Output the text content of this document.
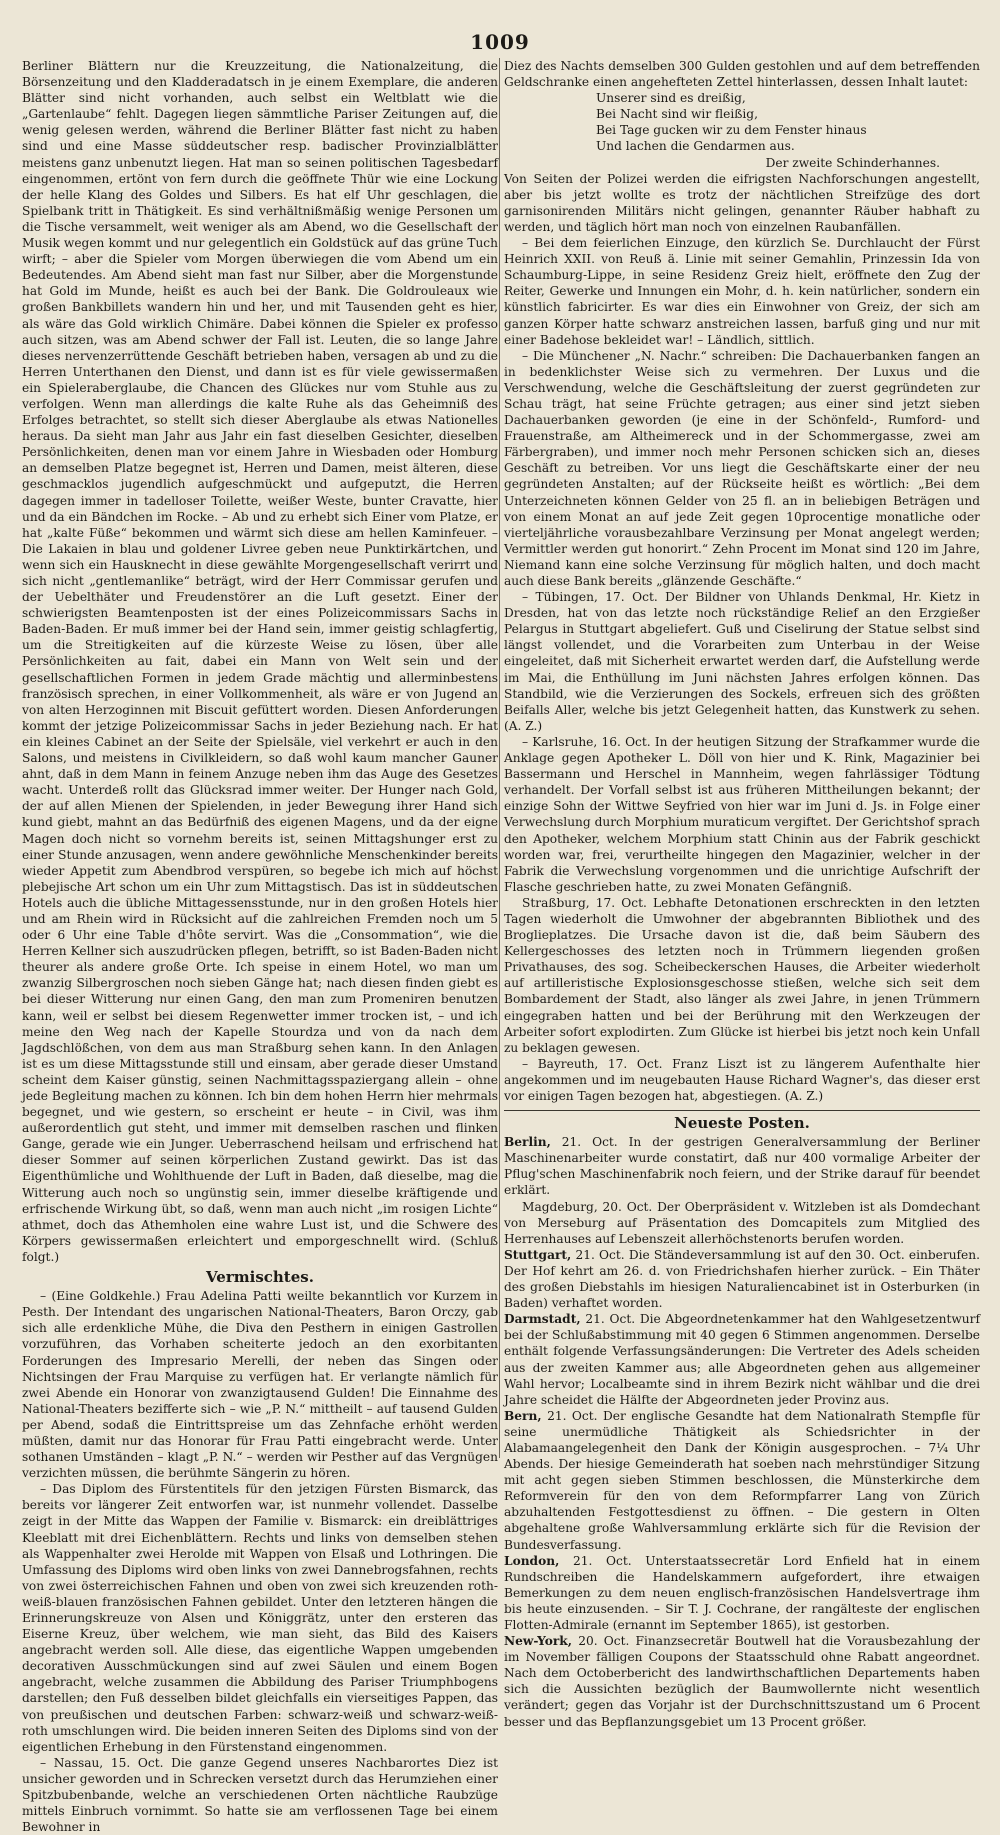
1009

Berliner Blättern nur die Kreuzzeitung, die Nationalzeitung, die Börsenzeitung und den Kladderadatsch in je einem Exemplare, die anderen Blätter sind nicht vorhanden, auch selbst ein Weltblatt wie die „Gartenlaube“ fehlt. Dagegen liegen sämmtliche Pariser Zeitungen auf, die wenig gelesen werden, während die Berliner Blätter fast nicht zu haben sind und eine Masse süddeutscher resp. badischer Provinzialblätter meistens ganz unbenutzt liegen. Hat man so seinen politischen Tagesbedarf eingenommen, ertönt von fern durch die geöffnete Thür wie eine Lockung der helle Klang des Goldes und Silbers. Es hat elf Uhr geschlagen, die Spielbank tritt in Thätigkeit. Es sind verhältnißmäßig wenige Personen um die Tische versammelt, weit weniger als am Abend, wo die Gesellschaft der Musik wegen kommt und nur gelegentlich ein Goldstück auf das grüne Tuch wirft; – aber die Spieler vom Morgen überwiegen die vom Abend um ein Bedeutendes. Am Abend sieht man fast nur Silber, aber die Morgenstunde hat Gold im Munde, heißt es auch bei der Bank. Die Goldrouleaux wie großen Bankbillets wandern hin und her, und mit Tausenden geht es hier, als wäre das Gold wirklich Chimäre. Dabei können die Spieler ex professo auch sitzen, was am Abend schwer der Fall ist. Leuten, die so lange Jahre dieses nervenzerrüttende Geschäft betrieben haben, versagen ab und zu die Herren Unterthanen den Dienst, und dann ist es für viele gewissermaßen ein Spieleraberglaube, die Chancen des Glückes nur vom Stuhle aus zu verfolgen. Wenn man allerdings die kalte Ruhe als das Geheimniß des Erfolges betrachtet, so stellt sich dieser Aberglaube als etwas Nationelles heraus. Da sieht man Jahr aus Jahr ein fast dieselben Gesichter, dieselben Persönlichkeiten, denen man vor einem Jahre in Wiesbaden oder Homburg an demselben Platze begegnet ist, Herren und Damen, meist älteren, diese geschmacklos jugendlich aufgeschmückt und aufgeputzt, die Herren dagegen immer in tadelloser Toilette, weißer Weste, bunter Cravatte, hier und da ein Bändchen im Rocke. – Ab und zu erhebt sich Einer vom Platze, er hat „kalte Füße“ bekommen und wärmt sich diese am hellen Kaminfeuer. – Die Lakaien in blau und goldener Livree geben neue Punktirkärtchen, und wenn sich ein Hausknecht in diese gewählte Morgengesellschaft verirrt und sich nicht „gentlemanlike“ beträgt, wird der Herr Commissar gerufen und der Uebelthäter und Freudenstörer an die Luft gesetzt. Einer der schwierigsten Beamtenposten ist der eines Polizeicommissars Sachs in Baden-Baden. Er muß immer bei der Hand sein, immer geistig schlagfertig, um die Streitigkeiten auf die kürzeste Weise zu lösen, über alle Persönlichkeiten au fait, dabei ein Mann von Welt sein und der gesellschaftlichen Formen in jedem Grade mächtig und allerminbestens französisch sprechen, in einer Vollkommenheit, als wäre er von Jugend an von alten Herzoginnen mit Biscuit gefüttert worden. Diesen Anforderungen kommt der jetzige Polizeicommissar Sachs in jeder Beziehung nach. Er hat ein kleines Cabinet an der Seite der Spielsäle, viel verkehrt er auch in den Salons, und meistens in Civilkleidern, so daß wohl kaum mancher Gauner ahnt, daß in dem Mann in feinem Anzuge neben ihm das Auge des Gesetzes wacht. Unterdeß rollt das Glücksrad immer weiter. Der Hunger nach Gold, der auf allen Mienen der Spielenden, in jeder Bewegung ihrer Hand sich kund giebt, mahnt an das Bedürfniß des eigenen Magens, und da der eigne Magen doch nicht so vornehm bereits ist, seinen Mittagshunger erst zu einer Stunde anzusagen, wenn andere gewöhnliche Menschenkinder bereits wieder Appetit zum Abendbrod verspüren, so begebe ich mich auf höchst plebejische Art schon um ein Uhr zum Mittagstisch. Das ist in süddeutschen Hotels auch die übliche Mittagessensstunde, nur in den großen Hotels hier und am Rhein wird in Rücksicht auf die zahlreichen Fremden noch um 5 oder 6 Uhr eine Table d'hôte servirt. Was die „Consommation“, wie die Herren Kellner sich auszudrücken pflegen, betrifft, so ist Baden-Baden nicht theurer als andere große Orte. Ich speise in einem Hotel, wo man um zwanzig Silbergroschen noch sieben Gänge hat; nach diesen finden giebt es bei dieser Witterung nur einen Gang, den man zum Promeniren benutzen kann, weil er selbst bei diesem Regenwetter immer trocken ist, – und ich meine den Weg nach der Kapelle Stourdza und von da nach dem Jagdschlößchen, von dem aus man Straßburg sehen kann. In den Anlagen ist es um diese Mittagsstunde still und einsam, aber gerade dieser Umstand scheint dem Kaiser günstig, seinen Nachmittagsspaziergang allein – ohne jede Begleitung machen zu können. Ich bin dem hohen Herrn hier mehrmals begegnet, und wie gestern, so erscheint er heute – in Civil, was ihm außerordentlich gut steht, und immer mit demselben raschen und flinken Gange, gerade wie ein Junger. Ueberraschend heilsam und erfrischend hat dieser Sommer auf seinen körperlichen Zustand gewirkt. Das ist das Eigenthümliche und Wohlthuende der Luft in Baden, daß dieselbe, mag die Witterung auch noch so ungünstig sein, immer dieselbe kräftigende und erfrischende Wirkung übt, so daß, wenn man auch nicht „im rosigen Lichte“ athmet, doch das Athemholen eine wahre Lust ist, und die Schwere des Körpers gewissermaßen erleichtert und emporgeschnellt wird. (Schluß folgt.)

Vermischtes.

– (Eine Goldkehle.) Frau Adelina Patti weilte bekanntlich vor Kurzem in Pesth. Der Intendant des ungarischen National-Theaters, Baron Orczy, gab sich alle erdenkliche Mühe, die Diva den Pesthern in einigen Gastrollen vorzuführen, das Vorhaben scheiterte jedoch an den exorbitanten Forderungen des Impresario Merelli, der neben das Singen oder Nichtsingen der Frau Marquise zu verfügen hat. Er verlangte nämlich für zwei Abende ein Honorar von zwanzigtausend Gulden! Die Einnahme des National-Theaters bezifferte sich – wie „P. N.“ mittheilt – auf tausend Gulden per Abend, sodaß die Eintrittspreise um das Zehnfache erhöht werden müßten, damit nur das Honorar für Frau Patti eingebracht werde. Unter sothanen Umständen – klagt „P. N.“ – werden wir Pesther auf das Vergnügen verzichten müssen, die berühmte Sängerin zu hören.

– Das Diplom des Fürstentitels für den jetzigen Fürsten Bismarck, das bereits vor längerer Zeit entworfen war, ist nunmehr vollendet. Dasselbe zeigt in der Mitte das Wappen der Familie v. Bismarck: ein dreiblättriges Kleeblatt mit drei Eichenblättern. Rechts und links von demselben stehen als Wappenhalter zwei Herolde mit Wappen von Elsaß und Lothringen. Die Umfassung des Diploms wird oben links von zwei Dannebrogsfahnen, rechts von zwei österreichischen Fahnen und oben von zwei sich kreuzenden roth-weiß-blauen französischen Fahnen gebildet. Unter den letzteren hängen die Erinnerungskreuze von Alsen und Königgrätz, unter den ersteren das Eiserne Kreuz, über welchem, wie man sieht, das Bild des Kaisers angebracht werden soll. Alle diese, das eigentliche Wappen umgebenden decorativen Ausschmückungen sind auf zwei Säulen und einem Bogen angebracht, welche zusammen die Abbildung des Pariser Triumphbogens darstellen; den Fuß desselben bildet gleichfalls ein vierseitiges Pappen, das von preußischen und deutschen Farben: schwarz-weiß und schwarz-weiß-roth umschlungen wird. Die beiden inneren Seiten des Diploms sind von der eigentlichen Erhebung in den Fürstenstand eingenommen.

– Nassau, 15. Oct. Die ganze Gegend unseres Nachbarortes Diez ist unsicher geworden und in Schrecken versetzt durch das Herumziehen einer Spitzbubenbande, welche an verschiedenen Orten nächtliche Raubzüge mittels Einbruch vornimmt. So hatte sie am verflossenen Tage bei einem Bewohner in

Diez des Nachts demselben 300 Gulden gestohlen und auf dem betreffenden Geldschranke einen angehefteten Zettel hinterlassen, dessen Inhalt lautet:

Unserer sind es dreißig,

Bei Nacht sind wir fleißig,

Bei Tage gucken wir zu dem Fenster hinaus

Und lachen die Gendarmen aus.

Der zweite Schinderhannes.

Von Seiten der Polizei werden die eifrigsten Nachforschungen angestellt, aber bis jetzt wollte es trotz der nächtlichen Streifzüge des dort garnisonirenden Militärs nicht gelingen, genannter Räuber habhaft zu werden, und täglich hört man noch von einzelnen Raubanfällen.

– Bei dem feierlichen Einzuge, den kürzlich Se. Durchlaucht der Fürst Heinrich XXII. von Reuß ä. Linie mit seiner Gemahlin, Prinzessin Ida von Schaumburg-Lippe, in seine Residenz Greiz hielt, eröffnete den Zug der Reiter, Gewerke und Innungen ein Mohr, d. h. kein natürlicher, sondern ein künstlich fabricirter. Es war dies ein Einwohner von Greiz, der sich am ganzen Körper hatte schwarz anstreichen lassen, barfuß ging und nur mit einer Badehose bekleidet war! – Ländlich, sittlich.

– Die Münchener „N. Nachr.“ schreiben: Die Dachauerbanken fangen an in bedenklichster Weise sich zu vermehren. Der Luxus und die Verschwendung, welche die Geschäftsleitung der zuerst gegründeten zur Schau trägt, hat seine Früchte getragen; aus einer sind jetzt sieben Dachauerbanken geworden (je eine in der Schönfeld-, Rumford- und Frauenstraße, am Altheimereck und in der Schommergasse, zwei am Färbergraben), und immer noch mehr Personen schicken sich an, dieses Geschäft zu betreiben. Vor uns liegt die Geschäftskarte einer der neu gegründeten Anstalten; auf der Rückseite heißt es wörtlich: „Bei dem Unterzeichneten können Gelder von 25 fl. an in beliebigen Beträgen und von einem Monat an auf jede Zeit gegen 10procentige monatliche oder vierteljährliche vorausbezahlbare Verzinsung per Monat angelegt werden; Vermittler werden gut honorirt.“ Zehn Procent im Monat sind 120 im Jahre, Niemand kann eine solche Verzinsung für möglich halten, und doch macht auch diese Bank bereits „glänzende Geschäfte.“

– Tübingen, 17. Oct. Der Bildner von Uhlands Denkmal, Hr. Kietz in Dresden, hat von das letzte noch rückständige Relief an den Erzgießer Pelargus in Stuttgart abgeliefert. Guß und Ciselirung der Statue selbst sind längst vollendet, und die Vorarbeiten zum Unterbau in der Weise eingeleitet, daß mit Sicherheit erwartet werden darf, die Aufstellung werde im Mai, die Enthüllung im Juni nächsten Jahres erfolgen können. Das Standbild, wie die Verzierungen des Sockels, erfreuen sich des größten Beifalls Aller, welche bis jetzt Gelegenheit hatten, das Kunstwerk zu sehen. (A. Z.)

– Karlsruhe, 16. Oct. In der heutigen Sitzung der Strafkammer wurde die Anklage gegen Apotheker L. Döll von hier und K. Rink, Magazinier bei Bassermann und Herschel in Mannheim, wegen fahrlässiger Tödtung verhandelt. Der Vorfall selbst ist aus früheren Mittheilungen bekannt; der einzige Sohn der Wittwe Seyfried von hier war im Juni d. Js. in Folge einer Verwechslung durch Morphium muraticum vergiftet. Der Gerichtshof sprach den Apotheker, welchem Morphium statt Chinin aus der Fabrik geschickt worden war, frei, verurtheilte hingegen den Magazinier, welcher in der Fabrik die Verwechslung vorgenommen und die unrichtige Aufschrift der Flasche geschrieben hatte, zu zwei Monaten Gefängniß.

Straßburg, 17. Oct. Lebhafte Detonationen erschreckten in den letzten Tagen wiederholt die Umwohner der abgebrannten Bibliothek und des Broglieplatzes. Die Ursache davon ist die, daß beim Säubern des Kellergeschosses des letzten noch in Trümmern liegenden großen Privathauses, des sog. Scheibeckerschen Hauses, die Arbeiter wiederholt auf artilleristische Explosionsgeschosse stießen, welche sich seit dem Bombardement der Stadt, also länger als zwei Jahre, in jenen Trümmern eingegraben hatten und bei der Berührung mit den Werkzeugen der Arbeiter sofort explodirten. Zum Glücke ist hierbei bis jetzt noch kein Unfall zu beklagen gewesen.

– Bayreuth, 17. Oct. Franz Liszt ist zu längerem Aufenthalte hier angekommen und im neugebauten Hause Richard Wagner's, das dieser erst vor einigen Tagen bezogen hat, abgestiegen. (A. Z.)

Neueste Posten.

Berlin, 21. Oct. In der gestrigen Generalversammlung der Berliner Maschinenarbeiter wurde constatirt, daß nur 400 vormalige Arbeiter der Pflug'schen Maschinenfabrik noch feiern, und der Strike darauf für beendet erklärt.

Magdeburg, 20. Oct. Der Oberpräsident v. Witzleben ist als Domdechant von Merseburg auf Präsentation des Domcapitels zum Mitglied des Herrenhauses auf Lebenszeit allerhöchstenorts berufen worden.

Stuttgart, 21. Oct. Die Ständeversammlung ist auf den 30. Oct. einberufen. Der Hof kehrt am 26. d. von Friedrichshafen hierher zurück. – Ein Thäter des großen Diebstahls im hiesigen Naturaliencabinet ist in Osterburken (in Baden) verhaftet worden.

Darmstadt, 21. Oct. Die Abgeordnetenkammer hat den Wahlgesetzentwurf bei der Schlußabstimmung mit 40 gegen 6 Stimmen angenommen. Derselbe enthält folgende Verfassungsänderungen: Die Vertreter des Adels scheiden aus der zweiten Kammer aus; alle Abgeordneten gehen aus allgemeiner Wahl hervor; Localbeamte sind in ihrem Bezirk nicht wählbar und die drei Jahre scheidet die Hälfte der Abgeordneten jeder Provinz aus.

Bern, 21. Oct. Der englische Gesandte hat dem Nationalrath Stempfle für seine unermüdliche Thätigkeit als Schiedsrichter in der Alabamaangelegenheit den Dank der Königin ausgesprochen. – 7¼ Uhr Abends. Der hiesige Gemeinderath hat soeben nach mehrstündiger Sitzung mit acht gegen sieben Stimmen beschlossen, die Münsterkirche dem Reformverein für den von dem Reformpfarrer Lang von Zürich abzuhaltenden Festgottesdienst zu öffnen. – Die gestern in Olten abgehaltene große Wahlversammlung erklärte sich für die Revision der Bundesverfassung.

London, 21. Oct. Unterstaatssecretär Lord Enfield hat in einem Rundschreiben die Handelskammern aufgefordert, ihre etwaigen Bemerkungen zu dem neuen englisch-französischen Handelsvertrage ihm bis heute einzusenden. – Sir T. J. Cochrane, der rangälteste der englischen Flotten-Admirale (ernannt im September 1865), ist gestorben.

New-York, 20. Oct. Finanzsecretär Boutwell hat die Vorausbezahlung der im November fälligen Coupons der Staatsschuld ohne Rabatt angeordnet. Nach dem Octoberbericht des landwirthschaftlichen Departements haben sich die Aussichten bezüglich der Baumwollernte nicht wesentlich verändert; gegen das Vorjahr ist der Durchschnittszustand um 6 Procent besser und das Bepflanzungsgebiet um 13 Procent größer.
